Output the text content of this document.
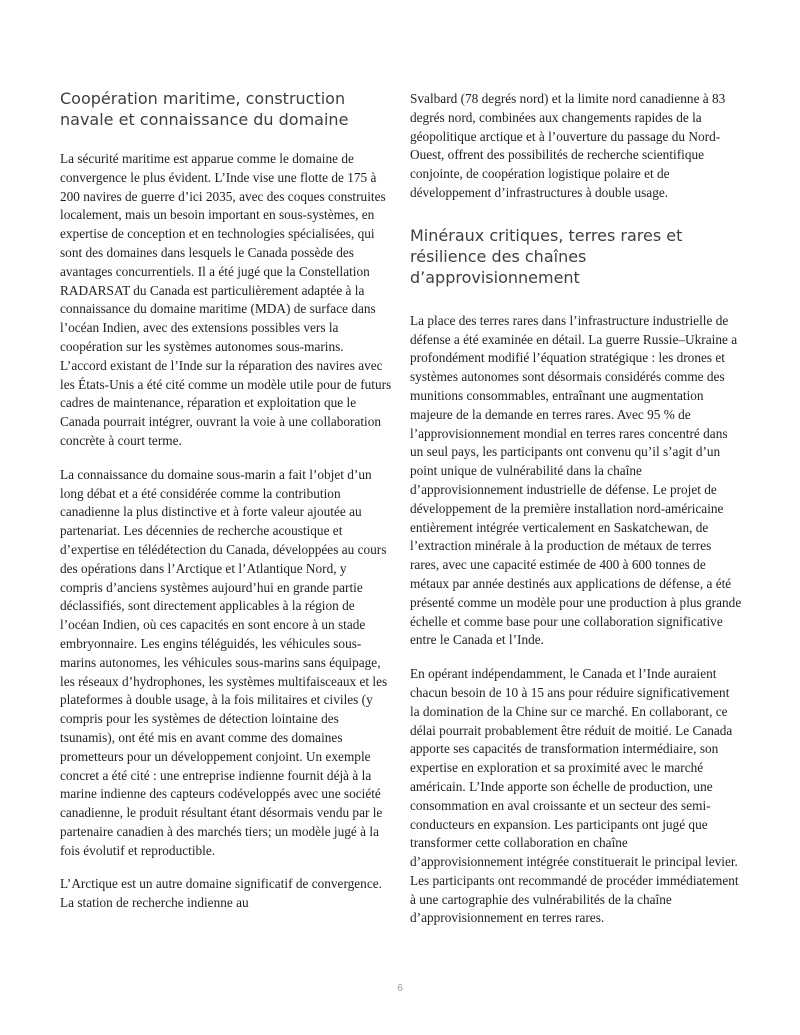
Coopération maritime, construction navale et connaissance du domaine

La sécurité maritime est apparue comme le domaine de convergence le plus évident. L’Inde vise une flotte de 175 à 200 navires de guerre d’ici 2035, avec des coques construites localement, mais un besoin important en sous-systèmes, en expertise de conception et en technologies spécialisées, qui sont des domaines dans lesquels le Canada possède des avantages concurrentiels. Il a été jugé que la Constellation RADARSAT du Canada est particulièrement adaptée à la connaissance du domaine maritime (MDA) de surface dans l’océan Indien, avec des extensions possibles vers la coopération sur les systèmes autonomes sous-marins. L’accord existant de l’Inde sur la réparation des navires avec les États-Unis a été cité comme un modèle utile pour de futurs cadres de maintenance, réparation et exploitation que le Canada pourrait intégrer, ouvrant la voie à une collaboration concrète à court terme.

La connaissance du domaine sous-marin a fait l’objet d’un long débat et a été considérée comme la contribution canadienne la plus distinctive et à forte valeur ajoutée au partenariat. Les décennies de recherche acoustique et d’expertise en télédétection du Canada, développées au cours des opérations dans l’Arctique et l’Atlantique Nord, y compris d’anciens systèmes aujourd’hui en grande partie déclassifiés, sont directement applicables à la région de l’océan Indien, où ces capacités en sont encore à un stade embryonnaire. Les engins téléguidés, les véhicules sous-marins autonomes, les véhicules sous-marins sans équipage, les réseaux d’hydrophones, les systèmes multifaisceaux et les plateformes à double usage, à la fois militaires et civiles (y compris pour les systèmes de détection lointaine des tsunamis), ont été mis en avant comme des domaines prometteurs pour un développement conjoint. Un exemple concret a été cité : une entreprise indienne fournit déjà à la marine indienne des capteurs codéveloppés avec une société canadienne, le produit résultant étant désormais vendu par le partenaire canadien à des marchés tiers; un modèle jugé à la fois évolutif et reproductible.

L’Arctique est un autre domaine significatif de convergence. La station de recherche indienne au

Svalbard (78 degrés nord) et la limite nord canadienne à 83 degrés nord, combinées aux changements rapides de la géopolitique arctique et à l’ouverture du passage du Nord-Ouest, offrent des possibilités de recherche scientifique conjointe, de coopération logistique polaire et de développement d’infrastructures à double usage.

Minéraux critiques, terres rares et résilience des chaînes d’approvisionnement

La place des terres rares dans l’infrastructure industrielle de défense a été examinée en détail. La guerre Russie–Ukraine a profondément modifié l’équation stratégique : les drones et systèmes autonomes sont désormais considérés comme des munitions consommables, entraînant une augmentation majeure de la demande en terres rares. Avec 95 % de l’approvisionnement mondial en terres rares concentré dans un seul pays, les participants ont convenu qu’il s’agit d’un point unique de vulnérabilité dans la chaîne d’approvisionnement industrielle de défense. Le projet de développement de la première installation nord-américaine entièrement intégrée verticalement en Saskatchewan, de l’extraction minérale à la production de métaux de terres rares, avec une capacité estimée de 400 à 600 tonnes de métaux par année destinés aux applications de défense, a été présenté comme un modèle pour une production à plus grande échelle et comme base pour une collaboration significative entre le Canada et l’Inde.

En opérant indépendamment, le Canada et l’Inde auraient chacun besoin de 10 à 15 ans pour réduire significativement la domination de la Chine sur ce marché. En collaborant, ce délai pourrait probablement être réduit de moitié. Le Canada apporte ses capacités de transformation intermédiaire, son expertise en exploration et sa proximité avec le marché américain. L’Inde apporte son échelle de production, une consommation en aval croissante et un secteur des semi-conducteurs en expansion. Les participants ont jugé que transformer cette collaboration en chaîne d’approvisionnement intégrée constituerait le principal levier. Les participants ont recommandé de procéder immédiatement à une cartographie des vulnérabilités de la chaîne d’approvisionnement en terres rares.

6
